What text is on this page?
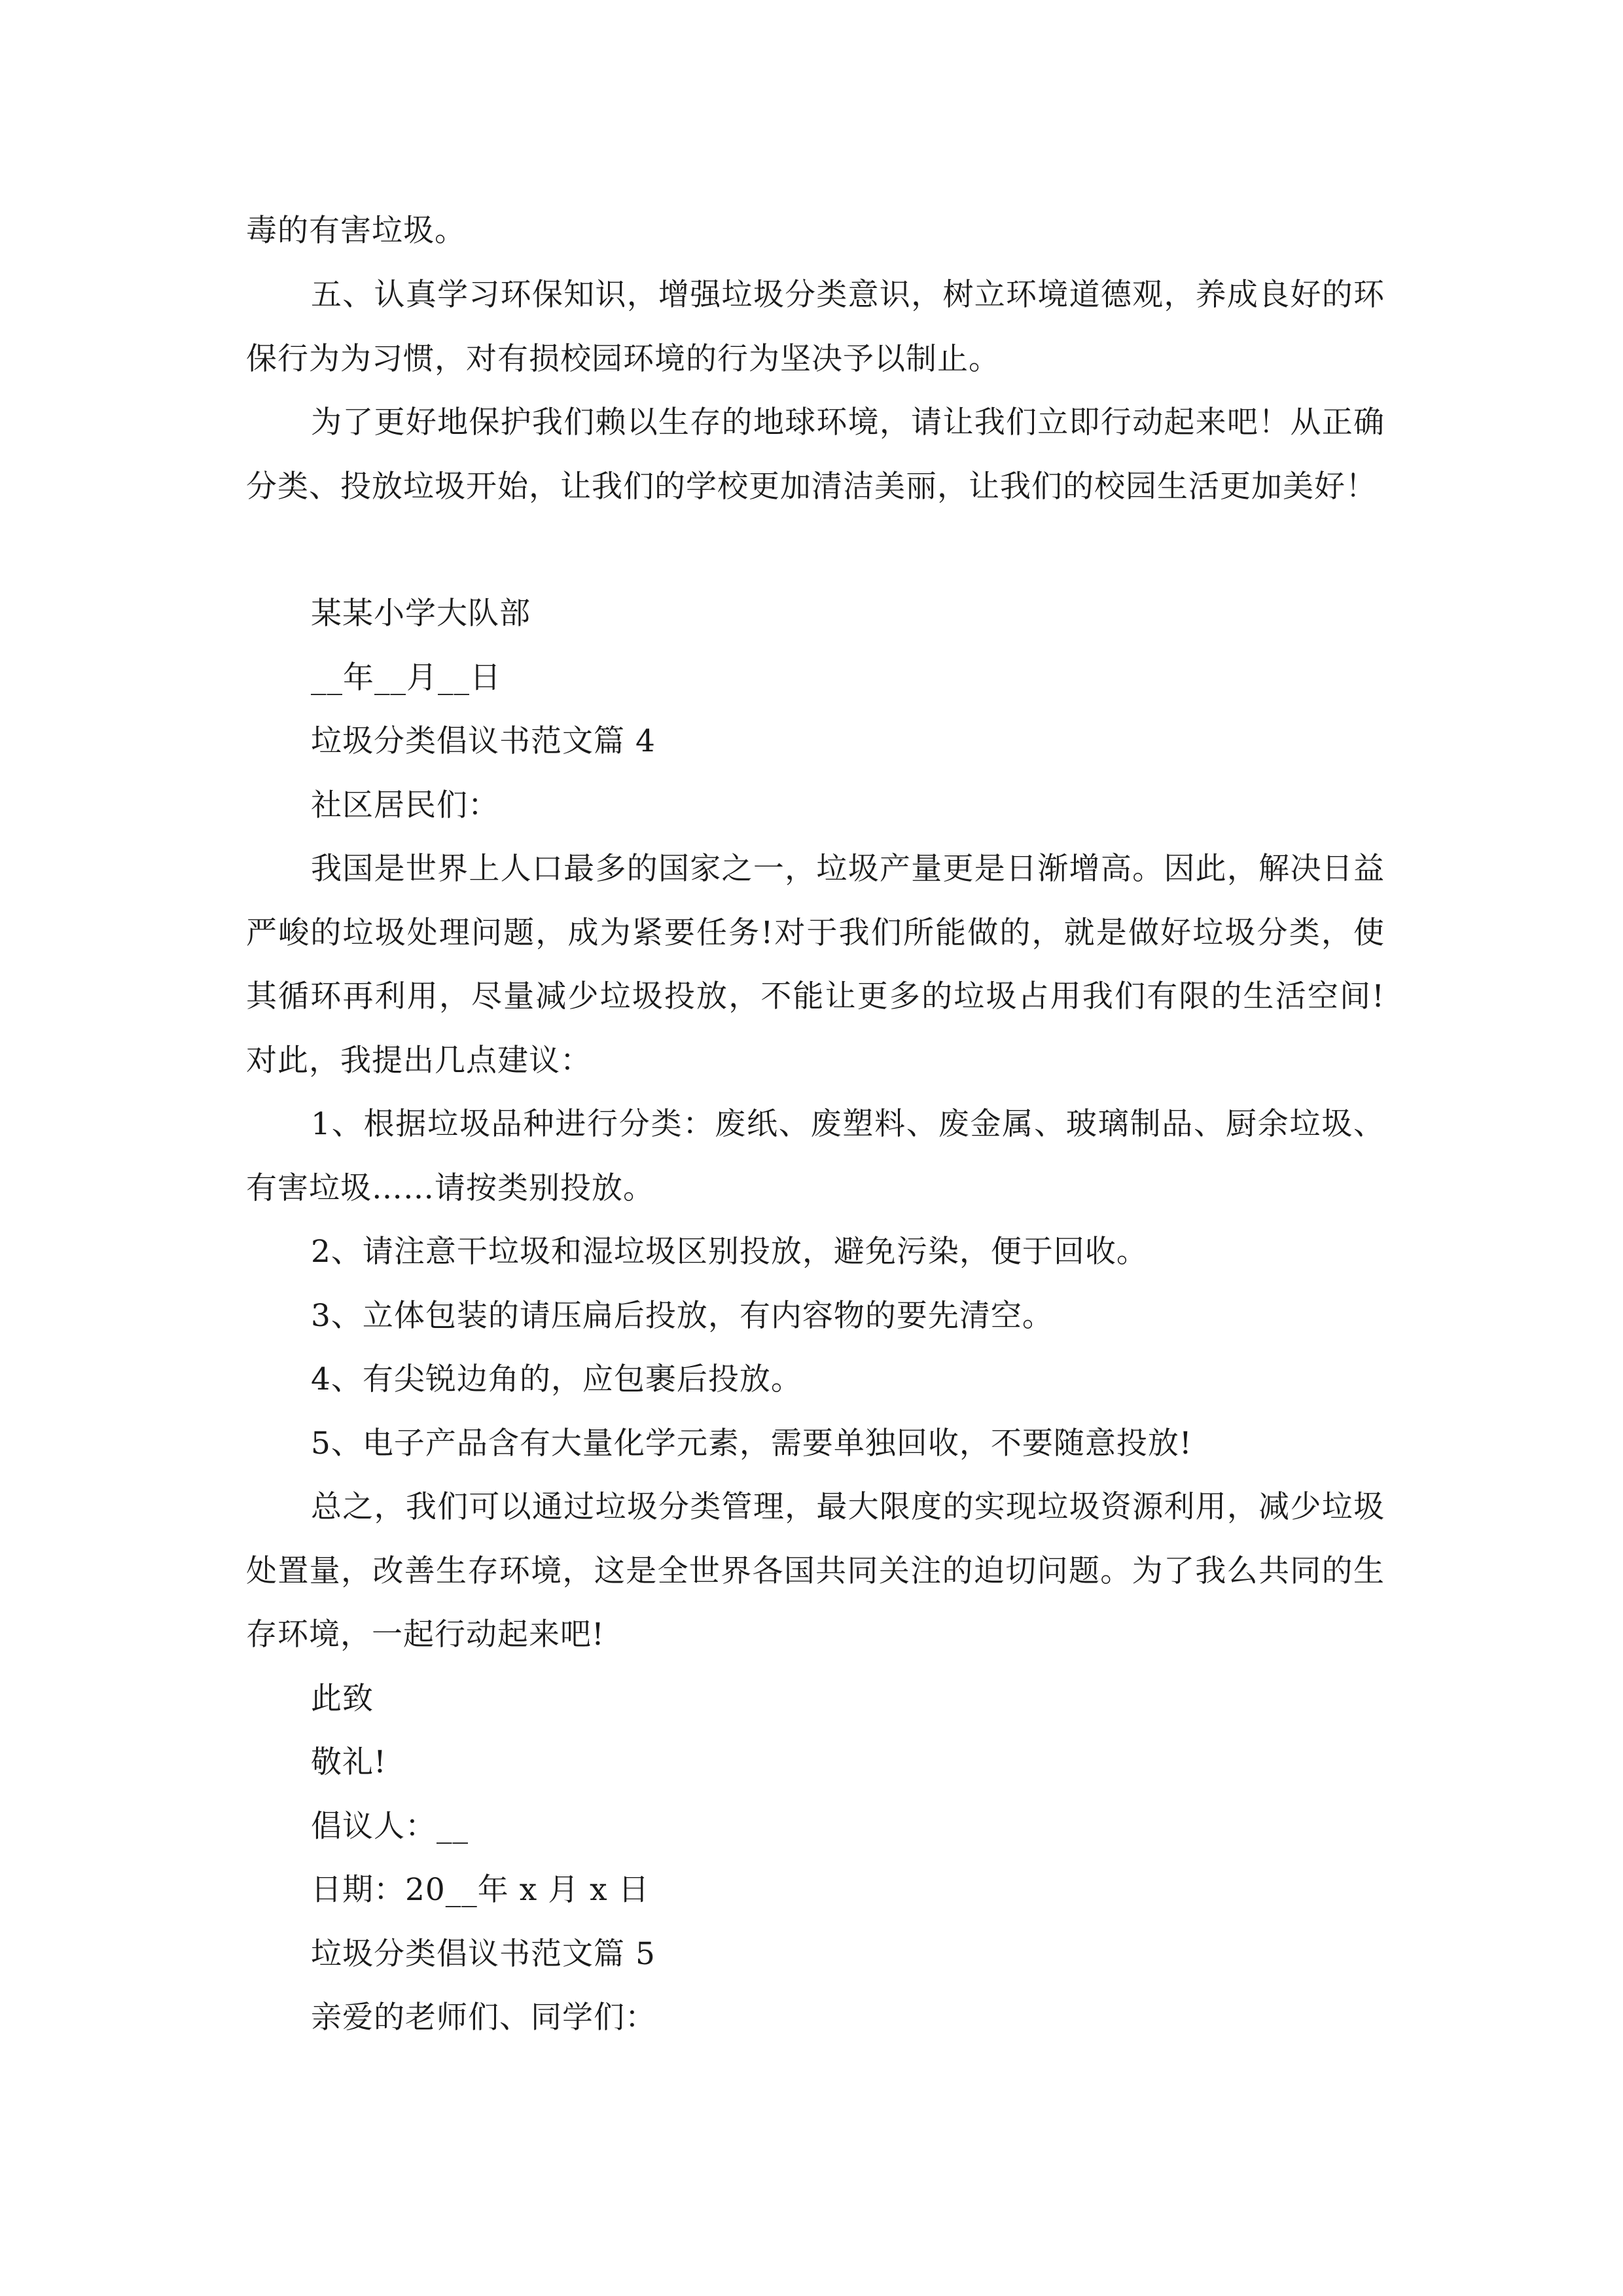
毒的有害垃圾。

五、认真学习环保知识，增强垃圾分类意识，树立环境道德观，养成良好的环保行为为习惯，对有损校园环境的行为坚决予以制止。

为了更好地保护我们赖以生存的地球环境，请让我们立即行动起来吧！从正确分类、投放垃圾开始，让我们的学校更加清洁美丽，让我们的校园生活更加美好！

某某小学大队部

__年__月__日

垃圾分类倡议书范文篇 4

社区居民们：

我国是世界上人口最多的国家之一，垃圾产量更是日渐增高。因此，解决日益严峻的垃圾处理问题，成为紧要任务!对于我们所能做的，就是做好垃圾分类，使其循环再利用，尽量减少垃圾投放，不能让更多的垃圾占用我们有限的生活空间!对此，我提出几点建议：

1、根据垃圾品种进行分类：废纸、废塑料、废金属、玻璃制品、厨余垃圾、有害垃圾……请按类别投放。

2、请注意干垃圾和湿垃圾区别投放，避免污染，便于回收。

3、立体包装的请压扁后投放，有内容物的要先清空。

4、有尖锐边角的，应包裹后投放。

5、电子产品含有大量化学元素，需要单独回收，不要随意投放!

总之，我们可以通过垃圾分类管理，最大限度的实现垃圾资源利用，减少垃圾处置量，改善生存环境，这是全世界各国共同关注的迫切问题。为了我么共同的生存环境，一起行动起来吧!

此致

敬礼!

倡议人：__

日期：20__年 x 月 x 日

垃圾分类倡议书范文篇 5

亲爱的老师们、同学们：
